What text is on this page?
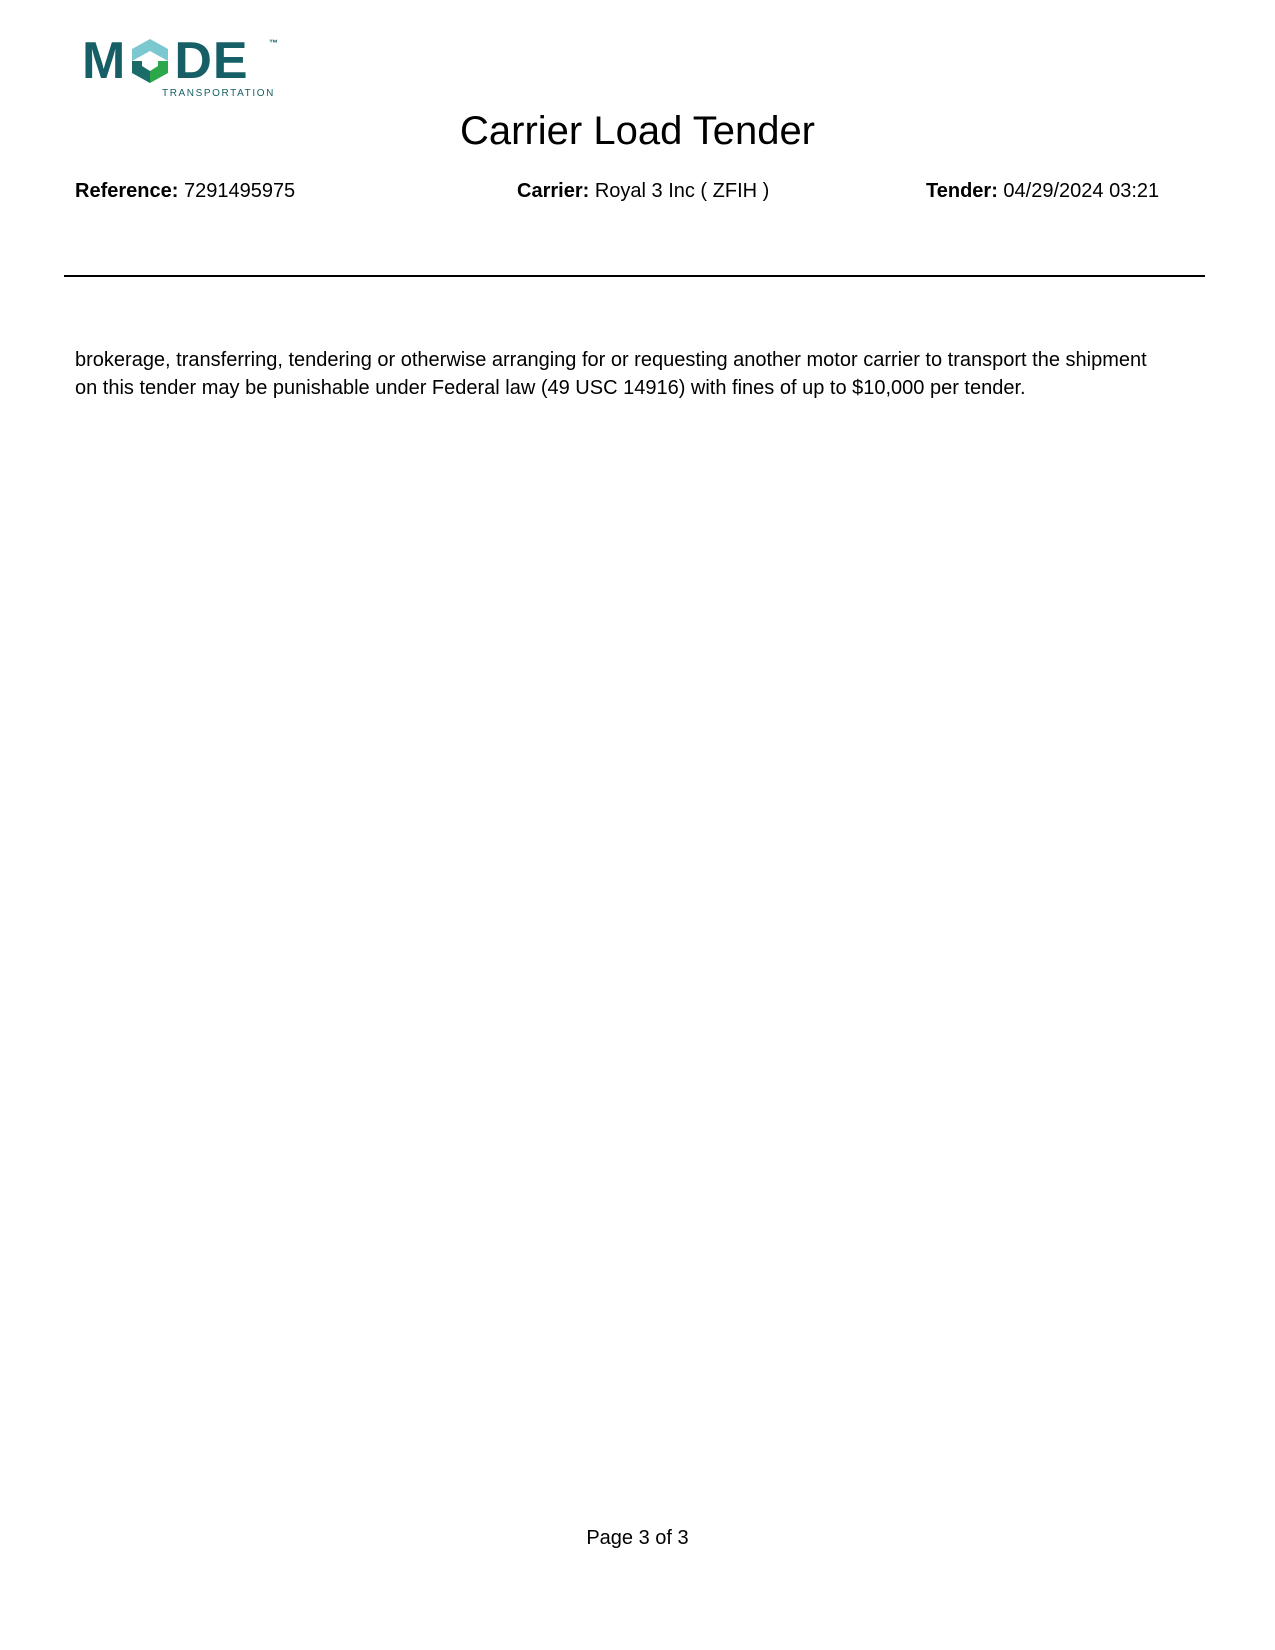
M DE ™
TRANSPORTATION
Carrier Load Tender
Reference: 7291495975	Carrier: Royal 3 Inc ( ZFIH )	Tender: 04/29/2024 03:21

brokerage, transferring, tendering or otherwise arranging for or requesting another motor carrier to transport the shipment

on this tender may be punishable under Federal law (49 USC 14916) with fines of up to $10,000 per tender.

Page 3 of 3
